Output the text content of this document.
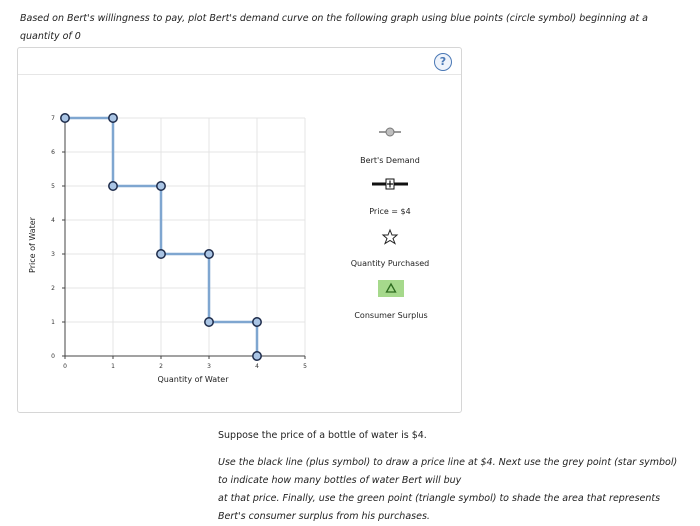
Based on Bert's willingness to pay, plot Bert's demand curve on the following graph using blue points (circle symbol) beginning at a quantity of 0
?
0	1	2	3	4	5
0
1
2
3
4
5
6
7
Price of Water
Quantity of Water
Bert's Demand
Price = $4
Quantity Purchased
Consumer Surplus
Suppose the price of a bottle of water is $4.
Use the black line (plus symbol) to draw a price line at $4. Next use the grey point (star symbol) to indicate how many bottles of water Bert will buy
at that price. Finally, use the green point (triangle symbol) to shade the area that represents Bert's consumer surplus from his purchases.
